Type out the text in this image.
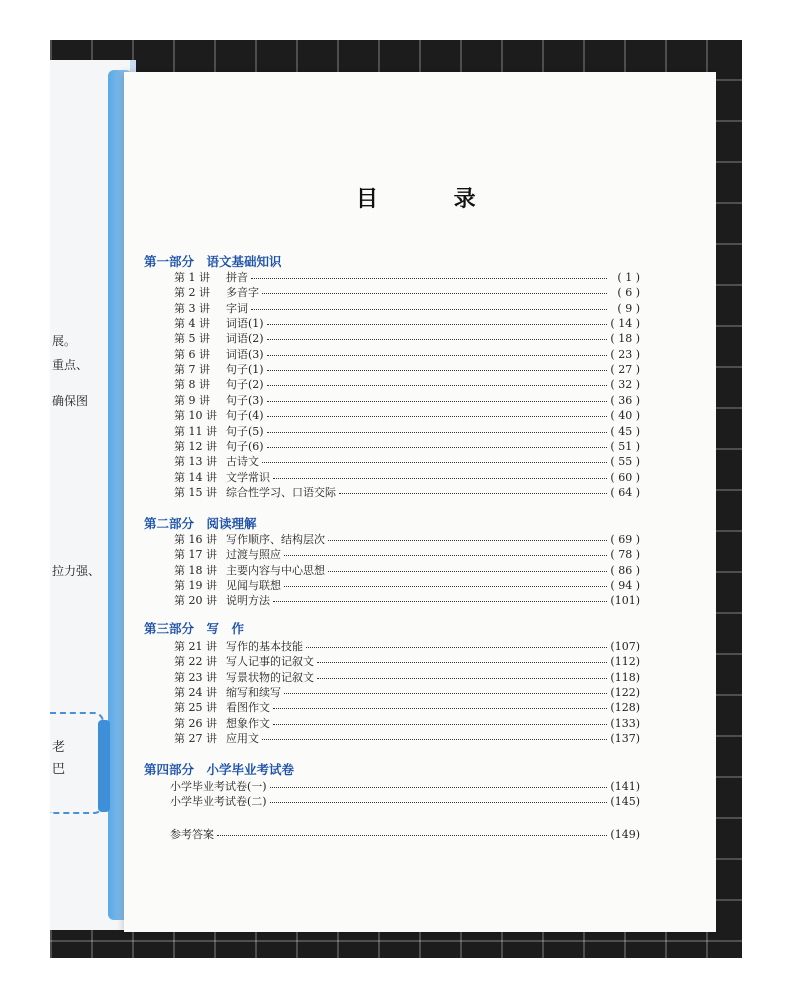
展。
重点、
确保图
拉力强、
老
巴
目 录
第一部分　语文基础知识
第 1 讲	拼音	( 1 )
第 2 讲	多音字	( 6 )
第 3 讲	字词	( 9 )
第 4 讲	词语(1)	( 14 )
第 5 讲	词语(2)	( 18 )
第 6 讲	词语(3)	( 23 )
第 7 讲	句子(1)	( 27 )
第 8 讲	句子(2)	( 32 )
第 9 讲	句子(3)	( 36 )
第 10 讲 句子(4)	( 40 )
第 11 讲 句子(5)	( 45 )
第 12 讲 句子(6)	( 51 )
第 13 讲 古诗文	( 55 )
第 14 讲 文学常识	( 60 )
第 15 讲 综合性学习、口语交际	( 64 )
第二部分　阅读理解
第 16 讲 写作顺序、结构层次	( 69 )
第 17 讲 过渡与照应	( 78 )
第 18 讲 主要内容与中心思想	( 86 )
第 19 讲 见闻与联想	( 94 )
第 20 讲 说明方法	(101)
第三部分　写　作
第 21 讲 写作的基本技能	(107)
第 22 讲 写人记事的记叙文	(112)
第 23 讲 写景状物的记叙文	(118)
第 24 讲 缩写和续写	(122)
第 25 讲 看图作文	(128)
第 26 讲 想象作文	(133)
第 27 讲 应用文	(137)
第四部分　小学毕业考试卷
小学毕业考试卷(一)	(141)
小学毕业考试卷(二)	(145)
参考答案	(149)
